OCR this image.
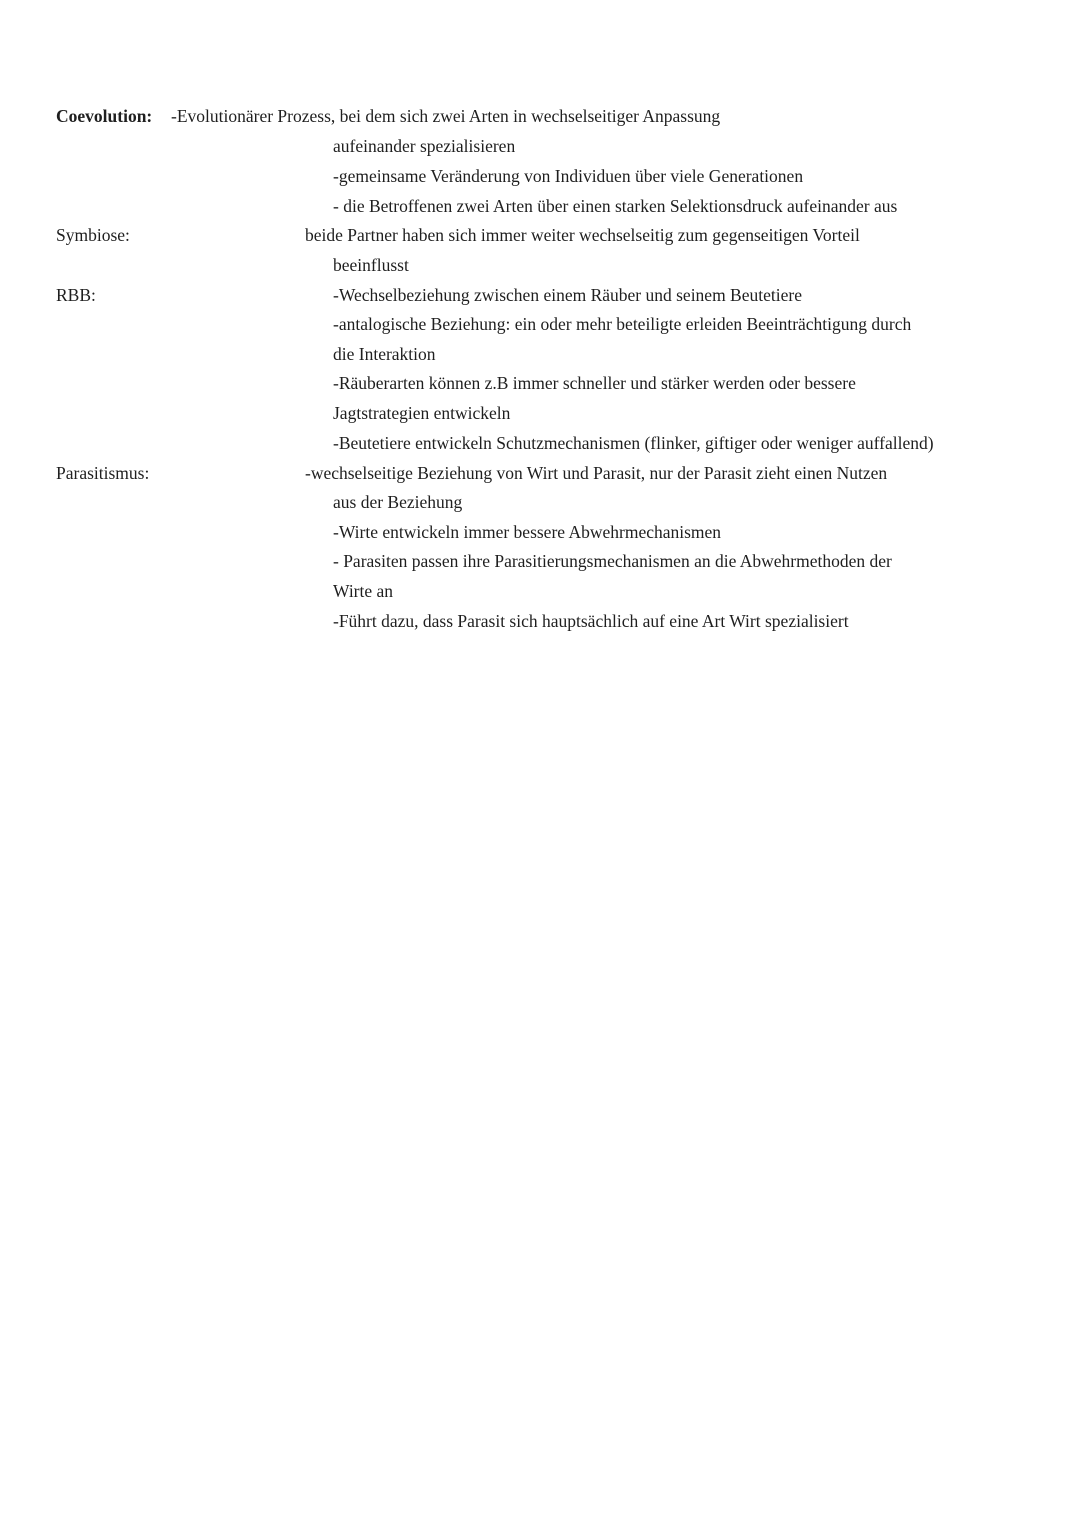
Coevolution: -Evolutionärer Prozess, bei dem sich zwei Arten in wechselseitiger Anpassung
aufeinander spezialisieren
-gemeinsame Veränderung von Individuen über viele Generationen
- die Betroffenen zwei Arten über einen starken Selektionsdruck aufeinander aus
Symbiose:	beide Partner haben sich immer weiter wechselseitig zum gegenseitigen Vorteil
beeinflusst
RBB:	-Wechselbeziehung zwischen einem Räuber und seinem Beutetiere
-antalogische Beziehung: ein oder mehr beteiligte erleiden Beeinträchtigung durch
die Interaktion
-Räuberarten können z.B immer schneller und stärker werden oder bessere
Jagtstrategien entwickeln
-Beutetiere entwickeln Schutzmechanismen (flinker, giftiger oder weniger auffallend)
Parasitismus:	-wechselseitige Beziehung von Wirt und Parasit, nur der Parasit zieht einen Nutzen
aus der Beziehung
-Wirte entwickeln immer bessere Abwehrmechanismen
- Parasiten passen ihre Parasitierungsmechanismen an die Abwehrmethoden der
Wirte an
-Führt dazu, dass Parasit sich hauptsächlich auf eine Art Wirt spezialisiert
